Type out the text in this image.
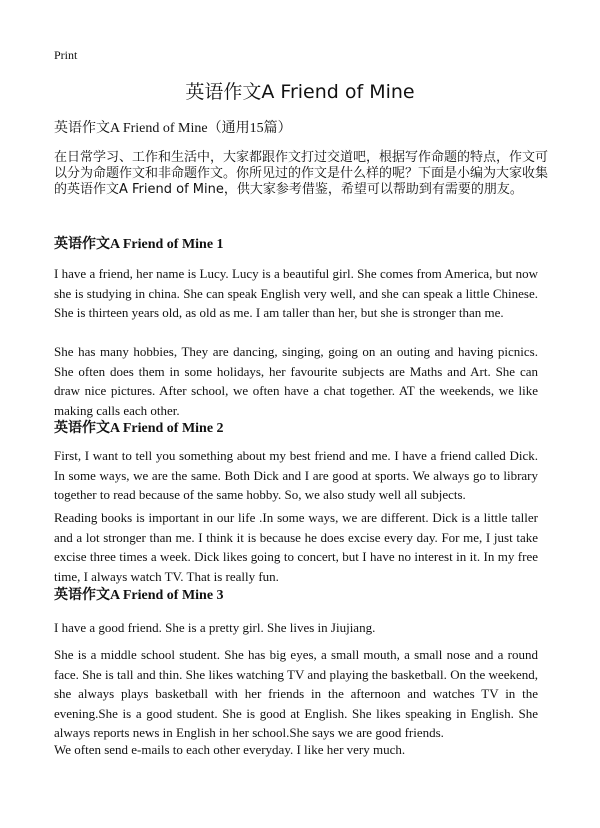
Print
英语作文A Friend of Mine
英语作文A Friend of Mine（通用15篇）

在日常学习、工作和生活中，大家都跟作文打过交道吧，根据写作命题的特点，作文可以分为命题作文和非命题作文。你所见过的作文是什么样的呢？下面是小编为大家收集的英语作文A Friend of Mine，供大家参考借鉴，希望可以帮助到有需要的朋友。

英语作文A Friend of Mine 1

I have a friend, her name is Lucy. Lucy is a beautiful girl. She comes from America, but now she is studying in china. She can speak English very well, and she can speak a little Chinese. She is thirteen years old, as old as me. I am taller than her, but she is stronger than me.

She has many hobbies, They are dancing, singing, going on an outing and having picnics. She often does them in some holidays, her favourite subjects are Maths and Art. She can draw nice pictures. After school, we often have a chat together. AT the weekends, we like making calls each other.

英语作文A Friend of Mine 2

First, I want to tell you something about my best friend and me. I have a friend called Dick. In some ways, we are the same. Both Dick and I are good at sports. We always go to library together to read because of the same hobby. So, we also study well all subjects.

Reading books is important in our life .In some ways, we are different. Dick is a little taller and a lot stronger than me. I think it is because he does excise every day. For me, I just take excise three times a week. Dick likes going to concert, but I have no interest in it. In my free time, I always watch TV. That is really fun.

英语作文A Friend of Mine 3

I have a good friend. She is a pretty girl. She lives in Jiujiang.

She is a middle school student. She has big eyes, a small mouth, a small nose and a round face. She is tall and thin. She likes watching TV and playing the basketball. On the weekend, she always plays basketball with her friends in the afternoon and watches TV in the evening.She is a good student. She is good at English. She likes speaking in English. She always reports news in English in her school.She says we are good friends.

We often send e-mails to each other everyday. I like her very much.
